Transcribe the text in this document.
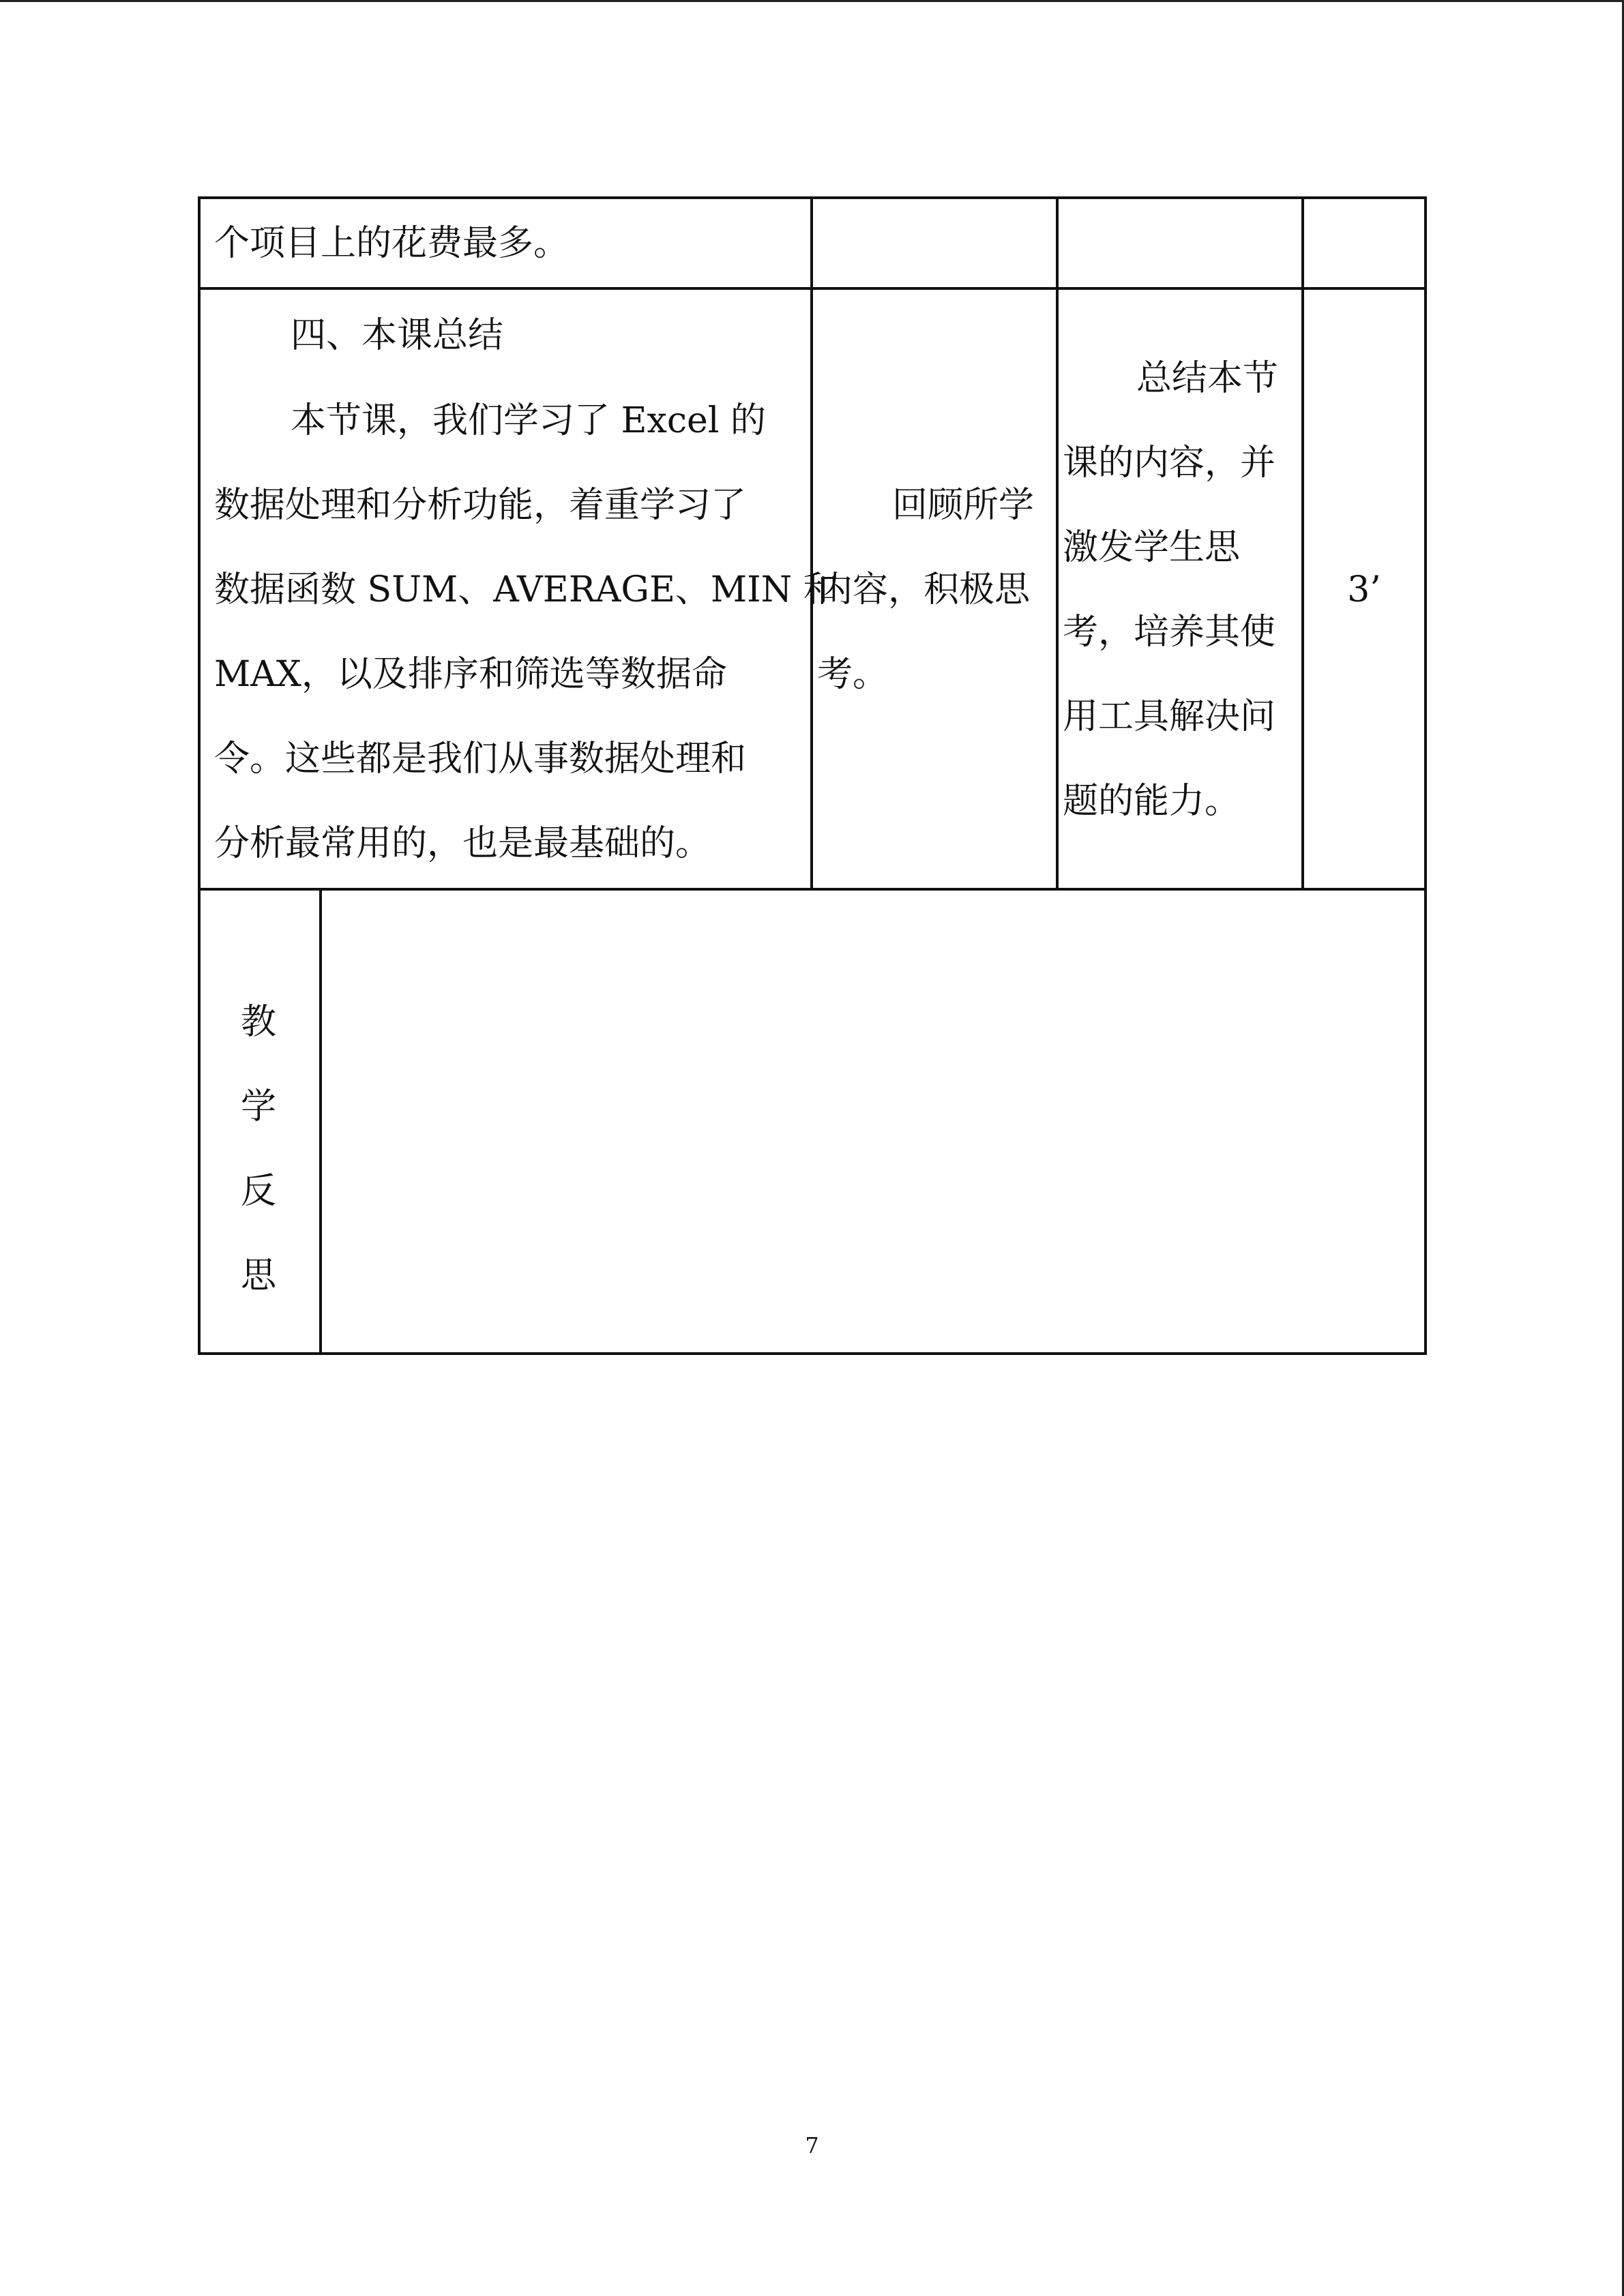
个项目上的花费最多。
四、本课总结
本节课，我们学习了 Excel 的
数据处理和分析功能，着重学习了
数据函数 SUM、AVERAGE、MIN 和
MAX，以及排序和筛选等数据命
令。这些都是我们从事数据处理和
分析最常用的，也是最基础的。
回顾所学
内容，积极思
考。
总结本节
课的内容，并
激发学生思
考，培养其使
用工具解决问
题的能力。
3’
教
学
反
思
7
